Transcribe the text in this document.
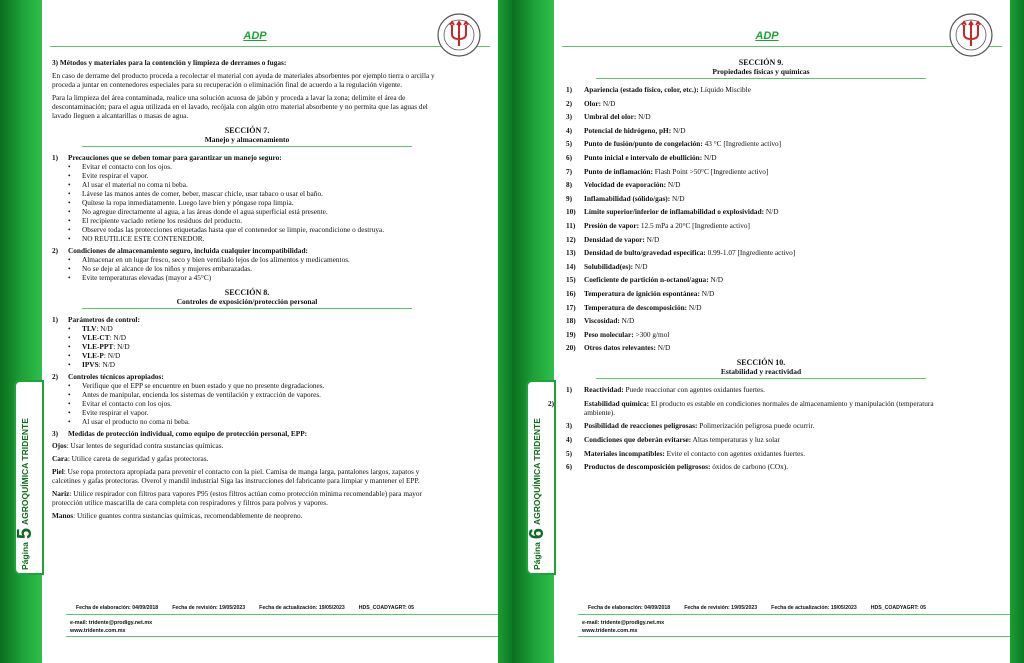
Página
5
AGROQUÍMICA TRIDENTE
ADP

3) Métodos y materiales para la contención y limpieza de derrames o fugas:

En caso de derrame del producto proceda a recolectar el material con ayuda de materiales absorbentes por ejemplo tierra o arcilla y proceda a juntar en contenedores especiales para su recuperación o eliminación final de acuerdo a la regulación vigente.

Para la limpieza del área contaminada, realice una solución acuosa de jabón y proceda a lavar la zona; delimite el área de descontaminación; para el agua utilizada en el lavado, recójala con algún otro material absorbente y no permita que las aguas del lavado lleguen a alcantarillas o masas de agua.

SECCIÓN 7.
Manejo y almacenamiento
1) Precauciones que se deben tomar para garantizar un manejo seguro:
• Evitar el contacto con los ojos.
• Evite respirar el vapor.
• Al usar el material no coma ni beba.
• Lávese las manos antes de comer, beber, mascar chicle, usar tabaco o usar el baño.
• Quítese la ropa inmediatamente. Luego lave bien y póngase ropa limpia.
• No agregue directamente al agua, a las áreas donde el agua superficial está presente.
• El recipiente vaciado retiene los residuos del producto.
• Observe todas las protecciones etiquetadas hasta que el contenedor se limpie, reacondicione o destruya.
• NO REUTILICE ESTE CONTENEDOR.
2) Condiciones de almacenamiento seguro, incluida cualquier incompatibilidad:
• Almacenar en un lugar fresco, seco y bien ventilado lejos de los alimentos y medicamentos.
• No se deje al alcance de los niños y mujeres embarazadas.
• Evite temperaturas elevadas (mayor a 45°C)
SECCIÓN 8.
Controles de exposición/protección personal
1) Parámetros de control:
• TLV: N/D
• VLE-CT: N/D
• VLE-PPT: N/D
• VLE-P: N/D
• IPVS: N/D
2) Controles técnicos apropiados:
• Verifique que el EPP se encuentre en buen estado y que no presente degradaciones.
• Antes de manipular, encienda los sistemas de ventilación y extracción de vapores.
• Evitar el contacto con los ojos.
• Evite respirar el vapor.
• Al usar el producto no coma ni beba.
3) Medidas de protección individual, como equipo de protección personal, EPP:

Ojos: Usar lentes de seguridad contra sustancias químicas.

Cara: Utilice careta de seguridad y gafas protectoras.

Piel: Use ropa protectora apropiada para prevenir el contacto con la piel. Camisa de manga larga, pantalones largos, zapatos y calcetines y gafas protectoras. Overol y mandil industrial Siga las instrucciones del fabricante para limpiar y mantener el EPP.

Nariz: Utilice respirador con filtros para vapores P95 (estos filtros actúan como protección mínima recomendable) para mayor protección utilice mascarilla de cara completa con respiradores y filtros para polvos y vapores.

Manos: Utilice guantes contra sustancias químicas, recomendablemente de neopreno.

Fecha de elaboración: 04/09/2018	Fecha de revisión: 19/05/2023	Fecha de actualización: 19/05/2023	HDS_COADYAGRT: 05
e-mail: tridente@prodigy.net.mx
www.tridente.com.mx
Página
6
AGROQUÍMICA TRIDENTE
ADP
SECCIÓN 9.
Propiedades físicas y químicas
1) Apariencia (estado físico, color, etc.): Líquido Miscible
2) Olor: N/D
3) Umbral del olor: N/D
4) Potencial de hidrógeno, pH: N/D
5) Punto de fusión/punto de congelación: 43 °C [Ingrediente activo]
6) Punto inicial e intervalo de ebullición: N/D
7) Punto de inflamación: Flash Point >50°C [Ingrediente activo]
8) Velocidad de evaporación: N/D
9) Inflamabilidad (sólido/gas): N/D
10) Límite superior/inferior de inflamabilidad o explosividad: N/D
11) Presión de vapor: 12.5 mPa a 20°C [Ingrediente activo]
12) Densidad de vapor: N/D
13) Densidad de bulto/gravedad específica: 0.99-1.07 [Ingrediente activo]
14) Solubilidad(es): N/D
15) Coeficiente de partición n-octanol/agua: N/D
16) Temperatura de ignición espontánea: N/D
17) Temperatura de descomposición: N/D
18) Viscosidad: N/D
19) Peso molecular: >300 g/mol
20) Otros datos relevantes: N/D
SECCIÓN 10.
Estabilidad y reactividad
1) Reactividad: Puede reaccionar con agentes oxidantes fuertes.
2)	Estabilidad química: El producto es estable en condiciones normales de almacenamiento y manipulación (temperatura ambiente).
3) Posibilidad de reacciones peligrosas: Polimerización peligrosa puede ocurrir.
4) Condiciones que deberán evitarse: Altas temperaturas y luz solar
5) Materiales incompatibles: Evite el contacto con agentes oxidantes fuertes.
6) Productos de descomposición peligrosos: óxidos de carbono (COx).
Fecha de elaboración: 04/09/2018	Fecha de revisión: 19/05/2023	Fecha de actualización: 19/05/2023	HDS_COADYAGRT: 05
e-mail: tridente@prodigy.net.mx
www.tridente.com.mx
